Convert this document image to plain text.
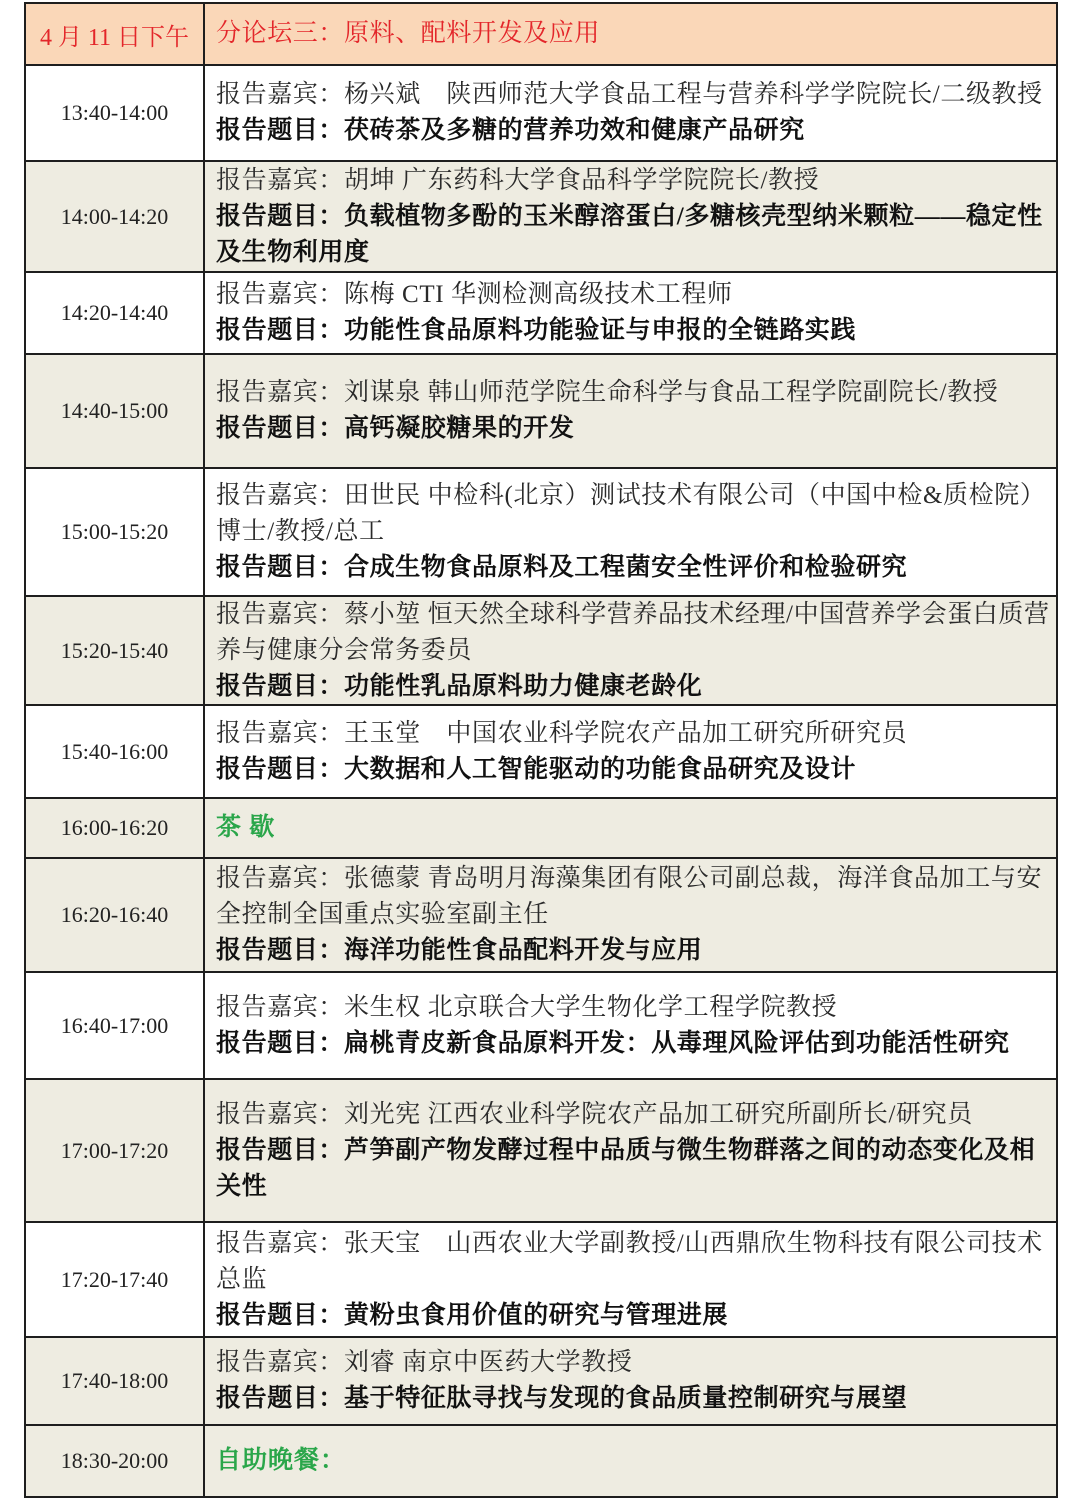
4 月 11 日下午 分论坛三：原料、配料开发及应用
13:40-14:00
报告嘉宾：杨兴斌　陕西师范大学食品工程与营养科学学院院长/二级教授
报告题目：茯砖茶及多糖的营养功效和健康产品研究
14:00-14:20
报告嘉宾：胡坤 广东药科大学食品科学学院院长/教授
报告题目：负载植物多酚的玉米醇溶蛋白/多糖核壳型纳米颗粒——稳定性
及生物利用度
14:20-14:40
报告嘉宾：陈梅 CTI 华测检测高级技术工程师
报告题目：功能性食品原料功能验证与申报的全链路实践
14:40-15:00
报告嘉宾：刘谋泉 韩山师范学院生命科学与食品工程学院副院长/教授
报告题目：高钙凝胶糖果的开发
15:00-15:20
报告嘉宾：田世民 中检科(北京）测试技术有限公司（中国中检&质检院）
博士/教授/总工
报告题目：合成生物食品原料及工程菌安全性评价和检验研究
15:20-15:40
报告嘉宾：蔡小堃 恒天然全球科学营养品技术经理/中国营养学会蛋白质营
养与健康分会常务委员
报告题目：功能性乳品原料助力健康老龄化
15:40-16:00
报告嘉宾：王玉堂　中国农业科学院农产品加工研究所研究员
报告题目：大数据和人工智能驱动的功能食品研究及设计
16:00-16:20 茶 歇
16:20-16:40
报告嘉宾：张德蒙 青岛明月海藻集团有限公司副总裁，海洋食品加工与安
全控制全国重点实验室副主任
报告题目：海洋功能性食品配料开发与应用
16:40-17:00
报告嘉宾：米生权 北京联合大学生物化学工程学院教授
报告题目：扁桃青皮新食品原料开发：从毒理风险评估到功能活性研究
17:00-17:20
报告嘉宾：刘光宪 江西农业科学院农产品加工研究所副所长/研究员
报告题目：芦笋副产物发酵过程中品质与微生物群落之间的动态变化及相
关性
17:20-17:40
报告嘉宾：张天宝　山西农业大学副教授/山西鼎欣生物科技有限公司技术
总监
报告题目：黄粉虫食用价值的研究与管理进展
17:40-18:00
报告嘉宾：刘睿 南京中医药大学教授
报告题目：基于特征肽寻找与发现的食品质量控制研究与展望
18:30-20:00 自助晚餐：
